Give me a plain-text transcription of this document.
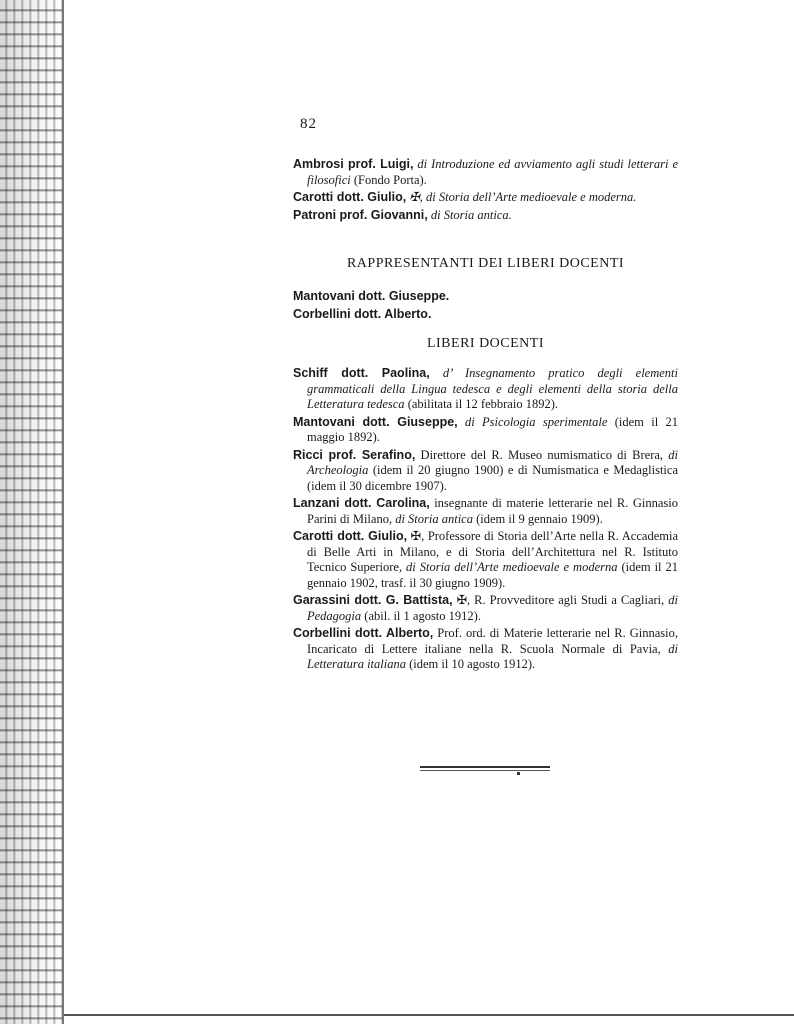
82

Ambrosi prof. Luigi, di Introduzione ed avviamento agli studi letterari e filosofici (Fondo Porta).

Carotti dott. Giulio, ✠, di Storia dell’Arte medioevale e moderna.

Patroni prof. Giovanni, di Storia antica.

RAPPRESENTANTI DEI LIBERI DOCENTI

Mantovani dott. Giuseppe.

Corbellini dott. Alberto.

LIBERI DOCENTI

Schiff dott. Paolina, d’ Insegnamento pratico degli elementi grammaticali della Lingua tedesca e degli elementi della storia della Letteratura tedesca (abilitata il 12 febbraio 1892).

Mantovani dott. Giuseppe, di Psicologia sperimentale (idem il 21 maggio 1892).

Ricci prof. Serafino, Direttore del R. Museo numismatico di Brera, di Archeologia (idem il 20 giugno 1900) e di Numismatica e Medaglistica (idem il 30 dicembre 1907).

Lanzani dott. Carolina, insegnante di materie letterarie nel R. Ginnasio Parini di Milano, di Storia antica (idem il 9 gennaio 1909).

Carotti dott. Giulio, ✠, Professore di Storia dell’Arte nella R. Accademia di Belle Arti in Milano, e di Storia dell’Architettura nel R. Istituto Tecnico Superiore, di Storia dell’Arte medioevale e moderna (idem il 21 gennaio 1902, trasf. il 30 giugno 1909).

Garassini dott. G. Battista, ✠, R. Provveditore agli Studi a Cagliari, di Pedagogia (abil. il 1 agosto 1912).

Corbellini dott. Alberto, Prof. ord. di Materie letterarie nel R. Ginnasio, Incaricato di Lettere italiane nella R. Scuola Normale di Pavia, di Letteratura italiana (idem il 10 agosto 1912).
